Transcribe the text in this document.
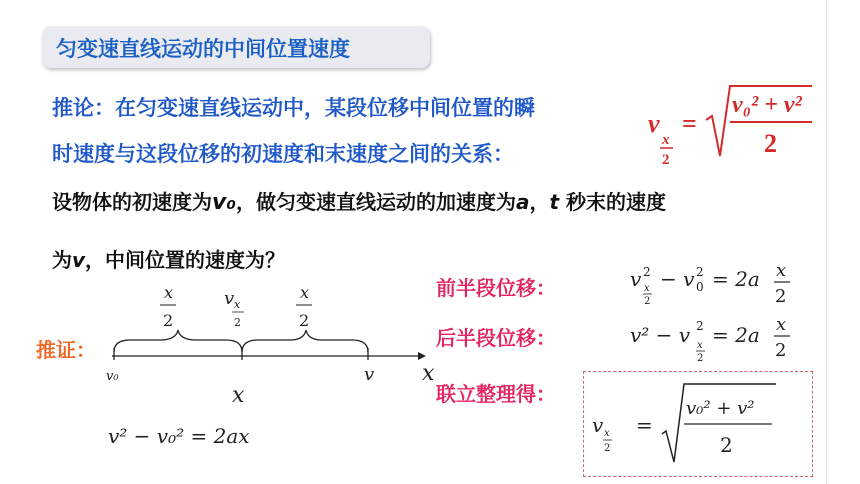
匀变速直线运动的中间位置速度
推论：在匀变速直线运动中，某段位移中间位置的瞬
时速度与这段位移的初速度和末速度之间的关系：
v
x
2
=
v₀² + v²
2
设物体的初速度为v₀，做匀变速直线运动的加速度为a，t 秒末的速度
为v，中间位置的速度为？
推证：
x
2
v x
2
x
2
v₀	v x
x
v² − v₀² = 2ax
前半段位移：	v 2
x
2
− v 0
2 = 2a x
2
后半段位移：	v² − v 2
x
2
= 2a x
2
联立整理得：
v x
2
=
v₀² + v²
2
